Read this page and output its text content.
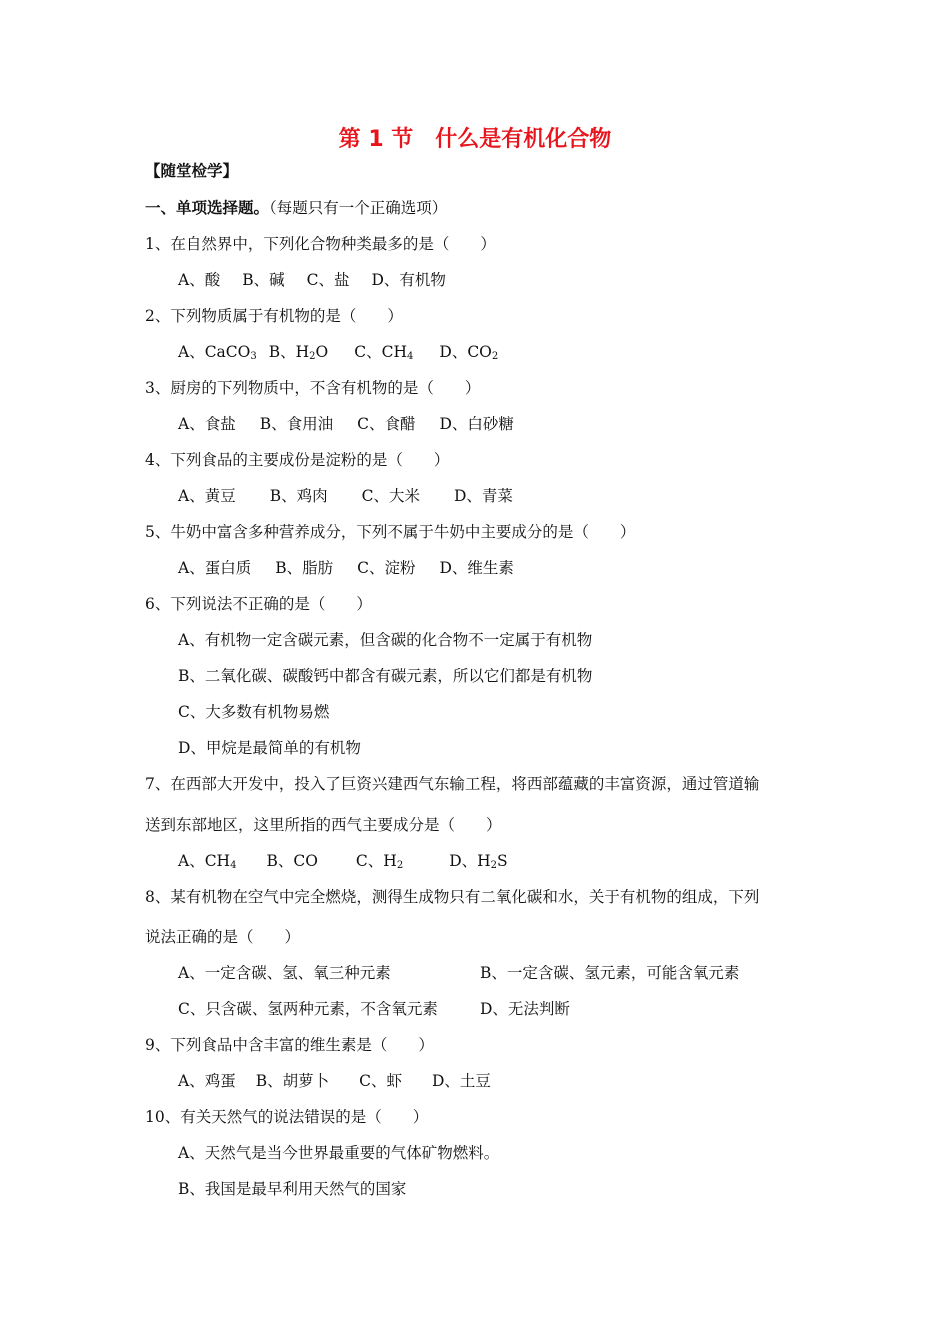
第 1 节　什么是有机化合物
【随堂检学】
一、单项选择题。（每题只有一个正确选项）
1、在自然界中，下列化合物种类最多的是（　　）
A、酸 B、碱 C、盐 D、有机物
2、下列物质属于有机物的是（　　）
A、CaCO$_3$ B、$H_2O$ C、$CH_4$ D、$CO_2$
3、厨房的下列物质中，不含有机物的是（　　）
A、食盐 B、食用油 C、食醋 D、白砂糖
4、下列食品的主要成份是淀粉的是（　　）
A、黄豆 B、鸡肉 C、大米 D、青菜
5、牛奶中富含多种营养成分，下列不属于牛奶中主要成分的是（　　）
A、蛋白质 B、脂肪 C、淀粉 D、维生素
6、下列说法不正确的是（　　）
A、有机物一定含碳元素，但含碳的化合物不一定属于有机物
B、二氧化碳、碳酸钙中都含有碳元素，所以它们都是有机物
C、大多数有机物易燃
D、甲烷是最简单的有机物
7、在西部大开发中，投入了巨资兴建西气东输工程，将西部蕴藏的丰富资源，通过管道输
送到东部地区，这里所指的西气主要成分是（　　）
A、$CH_4$ B、CO C、$H_2$	D、$H_2S$
8、某有机物在空气中完全燃烧，测得生成物只有二氧化碳和水，关于有机物的组成，下列
说法正确的是（　　）
A、一定含碳、氢、氧三种元素	B、一定含碳、氢元素，可能含氧元素
C、只含碳、氢两种元素，不含氧元素	D、无法判断
9、下列食品中含丰富的维生素是（　　）
A、鸡蛋 B、胡萝卜 C、虾 D、土豆
10、有关天然气的说法错误的是（　　）
A、天然气是当今世界最重要的气体矿物燃料。
B、我国是最早利用天然气的国家
